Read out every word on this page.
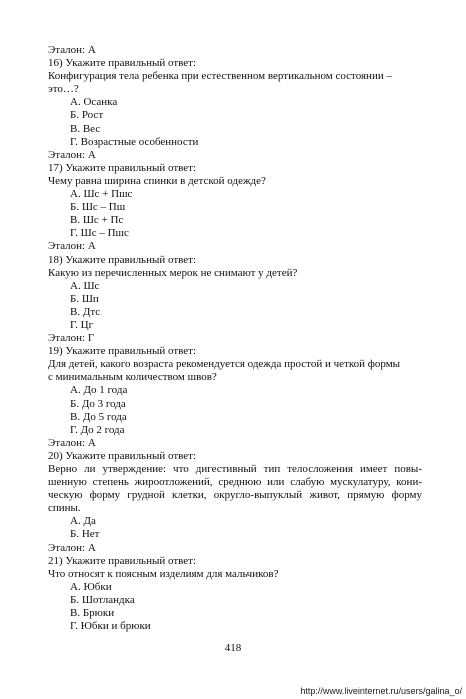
Эталон: А
16) Укажите правильный ответ:
Конфигурация тела ребенка при естественном вертикальном состоянии –
это…?
А. Осанка
Б. Рост
В. Вес
Г. Возрастные особенности
Эталон: А
17) Укажите правильный ответ:
Чему равна ширина спинки в детской одежде?
А. Шс + Пшс
Б. Шс – Пш
В. Шс + Пс
Г. Шс – Пшс
Эталон: А
18) Укажите правильный ответ:
Какую из перечисленных мерок не снимают у детей?
А. Шс
Б. Шп
В. Дтс
Г. Цг
Эталон: Г
19) Укажите правильный ответ:
Для детей, какого возраста рекомендуется одежда простой и четкой формы
с минимальным количеством швов?
А. До 1 года
Б. До 3 года
В. До 5 года
Г. До 2 года
Эталон: А
20) Укажите правильный ответ:
Верно ли утверждение: что дигестивный тип телосложения имеет повы-
шенную степень жироотложений, среднюю или слабую мускулатуру, кони-
ческую форму грудной клетки, округло-выпуклый живот, прямую форму
спины.
А. Да
Б. Нет
Эталон: А
21) Укажите правильный ответ:
Что относят к поясным изделиям для мальчиков?
А. Юбки
Б. Шотландка
В. Брюки
Г. Юбки и брюки
418
http://www.liveinternet.ru/users/galina_o/
